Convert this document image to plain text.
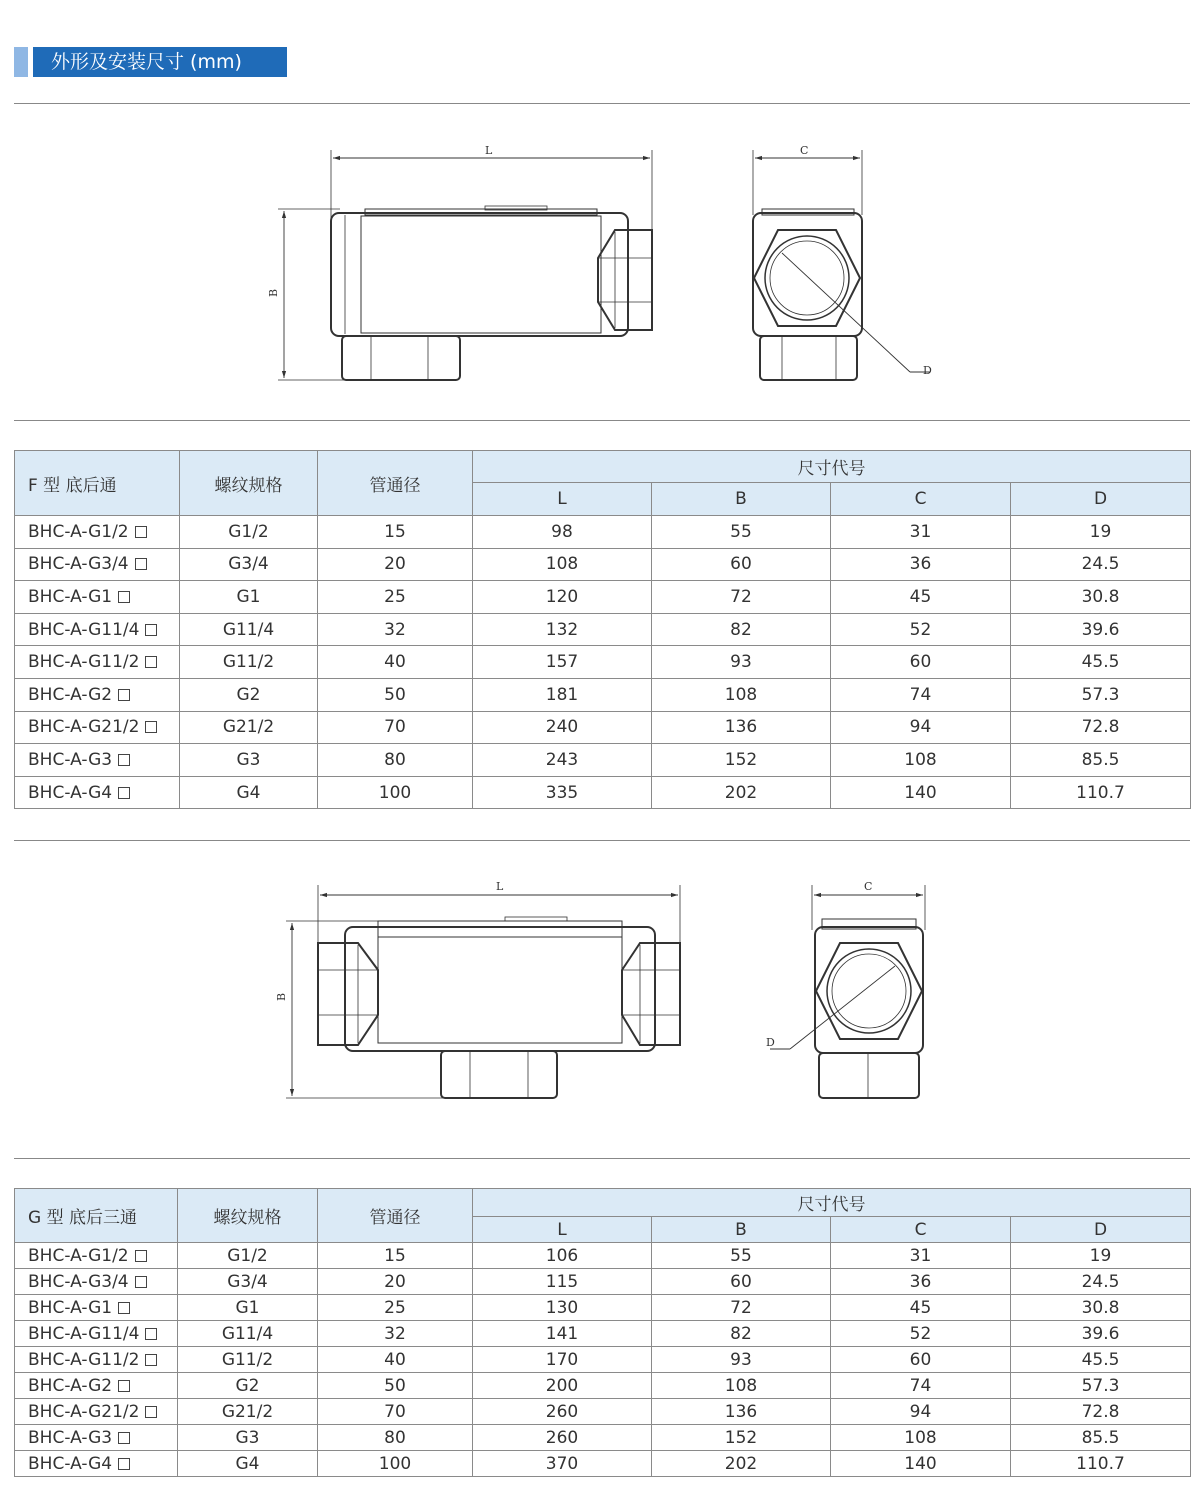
外形及安装尺寸 (mm)
L
B
C
D
F 型 底后通	螺纹规格	管通径	尺寸代号			
			L	B	C	D
BHC-A-G1/2	G1/2	15	98	55	31	19
BHC-A-G3/4	G3/4	20	108	60	36	24.5
BHC-A-G1	G1	25	120	72	45	30.8
BHC-A-G11/4	G11/4	32	132	82	52	39.6
BHC-A-G11/2	G11/2	40	157	93	60	45.5
BHC-A-G2	G2	50	181	108	74	57.3
BHC-A-G21/2	G21/2	70	240	136	94	72.8
BHC-A-G3	G3	80	243	152	108	85.5
BHC-A-G4	G4	100	335	202	140	110.7
L
B
C
D
G 型 底后三通	螺纹规格	管通径	尺寸代号			
			L	B	C	D
BHC-A-G1/2	G1/2	15	106	55	31	19
BHC-A-G3/4	G3/4	20	115	60	36	24.5
BHC-A-G1	G1	25	130	72	45	30.8
BHC-A-G11/4	G11/4	32	141	82	52	39.6
BHC-A-G11/2	G11/2	40	170	93	60	45.5
BHC-A-G2	G2	50	200	108	74	57.3
BHC-A-G21/2	G21/2	70	260	136	94	72.8
BHC-A-G3	G3	80	260	152	108	85.5
BHC-A-G4	G4	100	370	202	140	110.7
